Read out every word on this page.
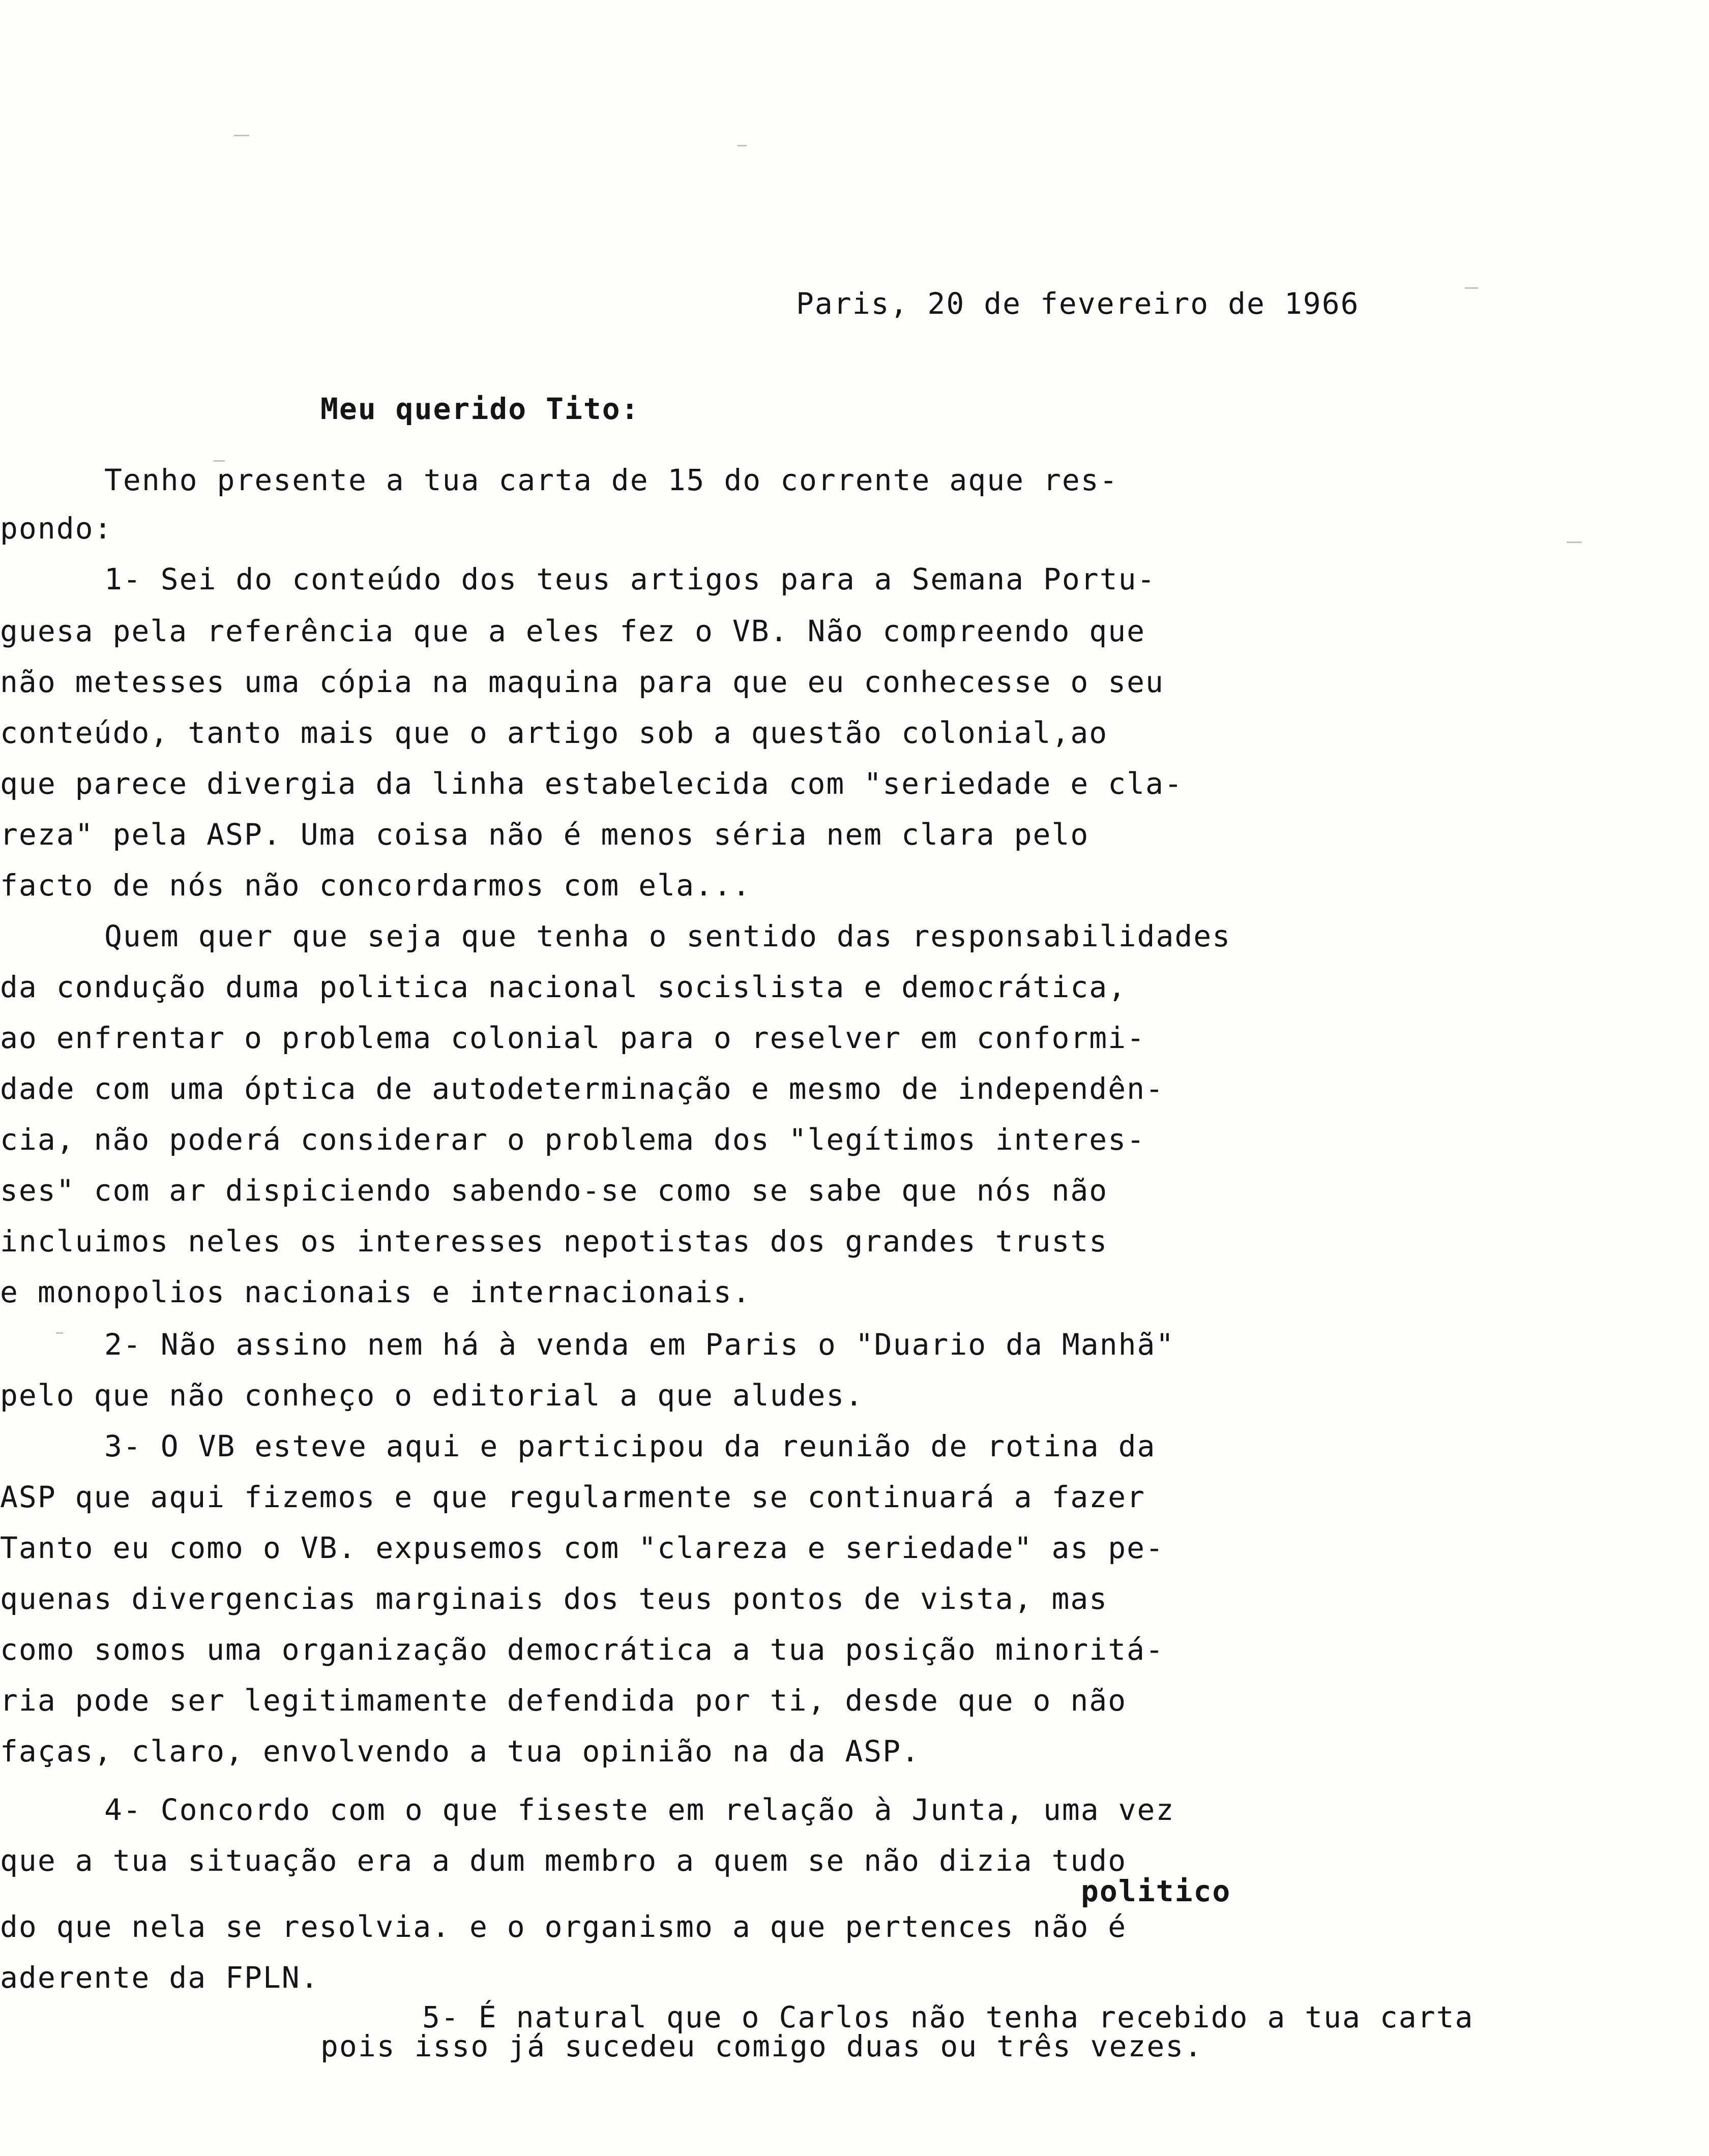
Paris, 20 de fevereiro de 1966
Meu querido Tito:
Tenho presente a tua carta de 15 do corrente aque res-
pondo:
1- Sei do conteúdo dos teus artigos para a Semana Portu-
guesa pela referência que a eles fez o VB. Não compreendo que
não metesses uma cópia na maquina para que eu conhecesse o seu
conteúdo, tanto mais que o artigo sob a questão colonial,ao
que parece divergia da linha estabelecida com "seriedade e cla-
reza" pela ASP. Uma coisa não é menos séria nem clara pelo
facto de nós não concordarmos com ela...
Quem quer que seja que tenha o sentido das responsabilidades
da condução duma politica nacional socislista e democrática,
ao enfrentar o problema colonial para o reselver em conformi-
dade com uma óptica de autodeterminação e mesmo de independên-
cia, não poderá considerar o problema dos "legítimos interes-
ses" com ar dispiciendo sabendo-se como se sabe que nós não
incluimos neles os interesses nepotistas dos grandes trusts
e monopolios nacionais e internacionais.
2- Não assino nem há à venda em Paris o "Duario da Manhã"
pelo que não conheço o editorial a que aludes.
3- O VB esteve aqui e participou da reunião de rotina da
ASP que aqui fizemos e que regularmente se continuará a fazer
Tanto eu como o VB. expusemos com "clareza e seriedade" as pe-
quenas divergencias marginais dos teus pontos de vista, mas
como somos uma organização democrática a tua posição minoritá-
ria pode ser legitimamente defendida por ti, desde que o não
faças, claro, envolvendo a tua opinião na da ASP.
4- Concordo com o que fiseste em relação à Junta, uma vez
que a tua situação era a dum membro a quem se não dizia tudo
do que nela se resolvia. e o organismo a que pertences não é
aderente da FPLN.
politico
5- É natural que o Carlos não tenha recebido a tua carta
pois isso já sucedeu comigo duas ou três vezes.
